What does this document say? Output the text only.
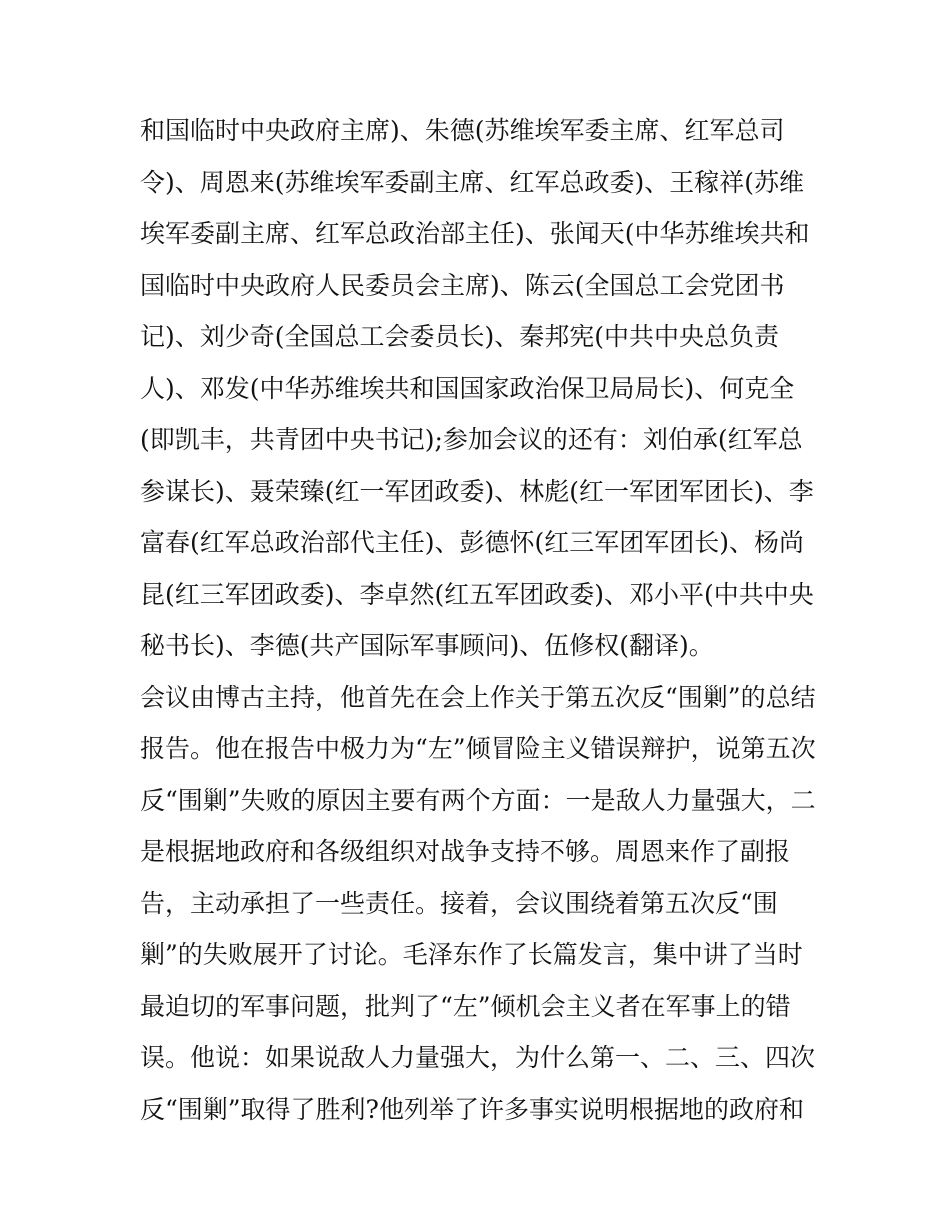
和国临时中央政府主席)、朱德(苏维埃军委主席、红军总司
令)、周恩来(苏维埃军委副主席、红军总政委)、王稼祥(苏维
埃军委副主席、红军总政治部主任)、张闻天(中华苏维埃共和
国临时中央政府人民委员会主席)、陈云(全国总工会党团书
记)、刘少奇(全国总工会委员长)、秦邦宪(中共中央总负责
人)、邓发(中华苏维埃共和国国家政治保卫局局长)、何克全
(即凯丰，共青团中央书记);参加会议的还有：刘伯承(红军总
参谋长)、聂荣臻(红一军团政委)、林彪(红一军团军团长)、李
富春(红军总政治部代主任)、彭德怀(红三军团军团长)、杨尚
昆(红三军团政委)、李卓然(红五军团政委)、邓小平(中共中央
秘书长)、李德(共产国际军事顾问)、伍修权(翻译)。
会议由博古主持，他首先在会上作关于第五次反“围剿”的总结
报告。他在报告中极力为“左”倾冒险主义错误辩护，说第五次
反“围剿”失败的原因主要有两个方面：一是敌人力量强大，二
是根据地政府和各级组织对战争支持不够。周恩来作了副报
告，主动承担了一些责任。接着，会议围绕着第五次反“围
剿”的失败展开了讨论。毛泽东作了长篇发言，集中讲了当时
最迫切的军事问题，批判了“左”倾机会主义者在军事上的错
误。他说：如果说敌人力量强大，为什么第一、二、三、四次
反“围剿”取得了胜利?他列举了许多事实说明根据地的政府和
